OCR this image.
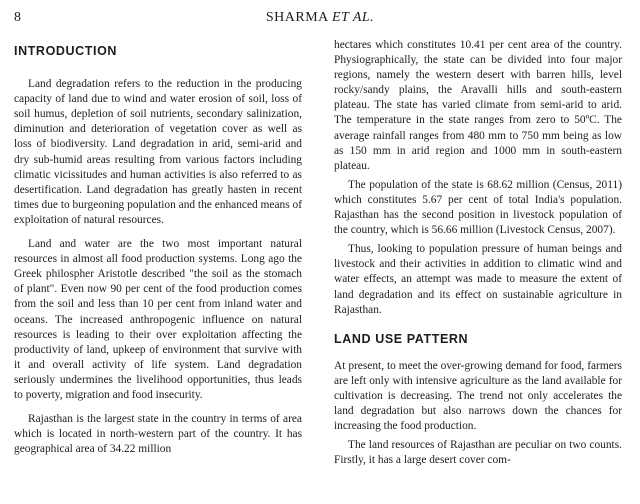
8	SHARMA ET AL.
INTRODUCTION

Land degradation refers to the reduction in the producing capacity of land due to wind and water erosion of soil, loss of soil humus, depletion of soil nutrients, secondary salinization, diminution and deterioration of vegetation cover as well as loss of biodiversity. Land degradation in arid, semi-arid and dry sub-humid areas resulting from various factors including climatic vicissitudes and human activities is also referred to as desertification. Land degradation has greatly hasten in recent times due to burgeoning population and the enhanced means of exploitation of natural resources.

Land and water are the two most important natural resources in almost all food production systems. Long ago the Greek philospher Aristotle described "the soil as the stomach of plant". Even now 90 per cent of the food production comes from the soil and less than 10 per cent from inland water and oceans. The increased anthropogenic influence on natural resources is leading to their over exploitation affecting the productivity of land, upkeep of environment that survive with it and overall activity of life system. Land degradation seriously undermines the livelihood opportunities, thus leads to poverty, migration and food insecurity.

Rajasthan is the largest state in the country in terms of area which is located in north-western part of the country. It has geographical area of 34.22 million

hectares which constitutes 10.41 per cent area of the country. Physiographically, the state can be divided into four major regions, namely the western desert with barren hills, level rocky/sandy plains, the Aravalli hills and south-eastern plateau. The state has varied climate from semi-arid to arid. The temperature in the state ranges from zero to 50ºC. The average rainfall ranges from 480 mm to 750 mm being as low as 150 mm in arid region and 1000 mm in south-eastern plateau.

The population of the state is 68.62 million (Census, 2011) which constitutes 5.67 per cent of total India's population. Rajasthan has the second position in livestock population of the country, which is 56.66 million (Livestock Census, 2007).

Thus, looking to population pressure of human beings and livestock and their activities in addition to climatic wind and water effects, an attempt was made to measure the extent of land degradation and its effect on sustainable agriculture in Rajasthan.

LAND USE PATTERN

At present, to meet the over-growing demand for food, farmers are left only with intensive agriculture as the land available for cultivation is decreasing. The trend not only accelerates the land degradation but also narrows down the chances for increasing the food production.

The land resources of Rajasthan are peculiar on two counts. Firstly, it has a large desert cover com-
